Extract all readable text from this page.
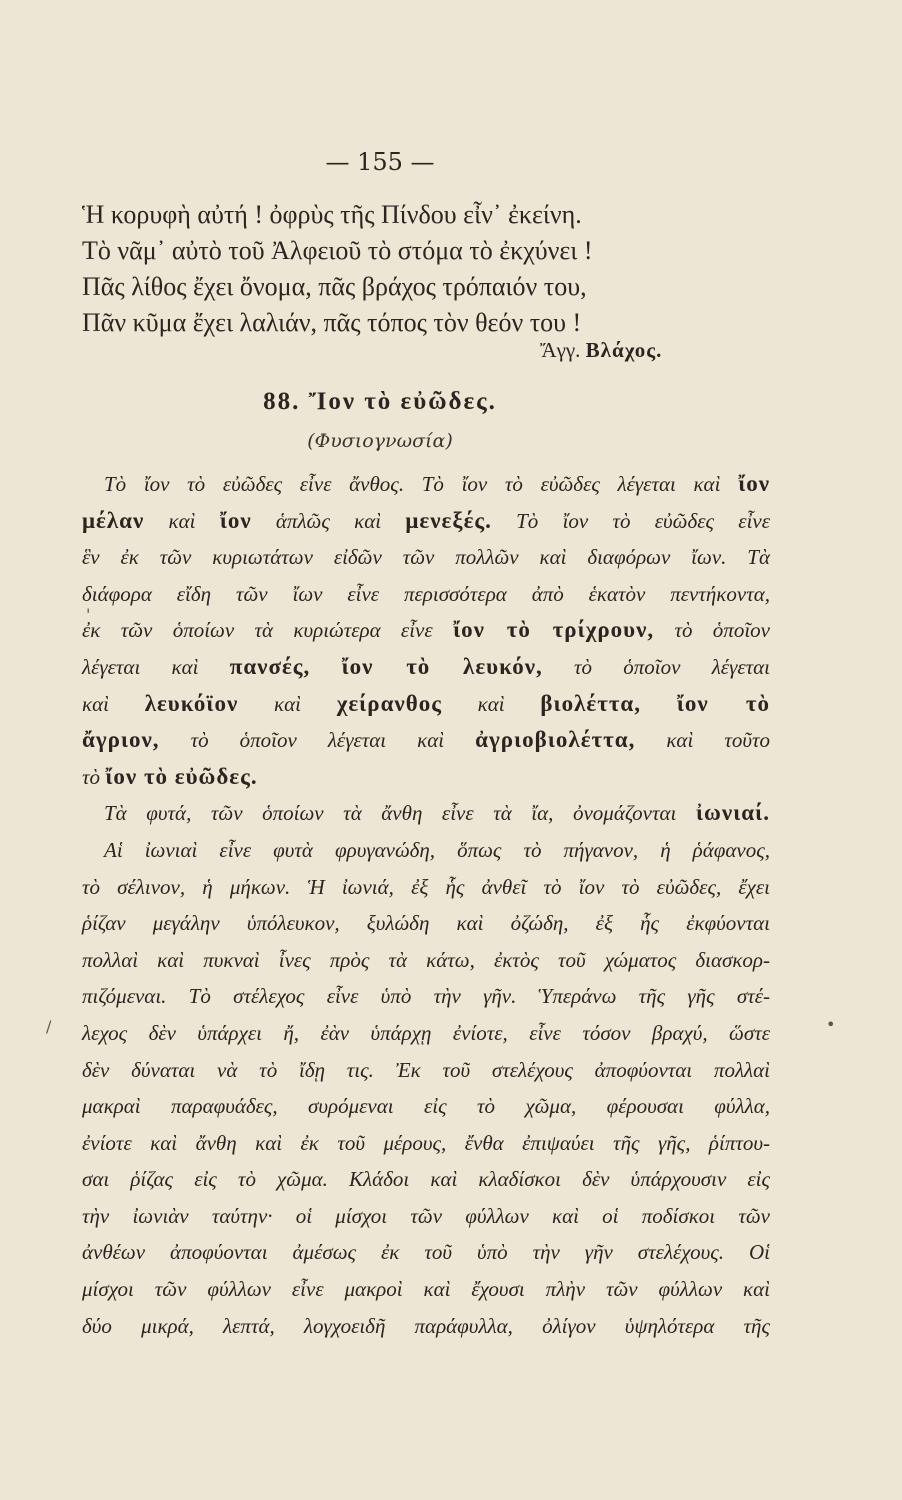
— 155 —
Ἡ κορυφὴ αὐτή ! ὀφρὺς τῆς Πίνδου εἶν᾽ ἐκείνη.
Τὸ νᾶμ᾽ αὐτὸ τοῦ Ἀλφειοῦ τὸ στόμα τὸ ἐκχύνει !
Πᾶς λίθος ἔχει ὄνομα, πᾶς βράχος τρόπαιόν του,
Πᾶν κῦμα ἔχει λαλιάν, πᾶς τόπος τὸν θεόν του !
Ἄγγ. Βλάχος.
88. Ἴον τὸ εὐῶδες.
(Φυσιογνωσία)
Τὸ ἴον τὸ εὐῶδες εἶνε ἄνθος. Τὸ ἴον τὸ εὐῶδες λέγεται καὶ ἴον
μέλαν καὶ ἴον ἁπλῶς καὶ μενεξές. Τὸ ἴον τὸ εὐῶδες εἶνε
ἓν ἐκ τῶν κυριωτάτων εἰδῶν τῶν πολλῶν καὶ διαφόρων ἴων. Τὰ
διάφορα εἴδη τῶν ἴων εἶνε περισσότερα ἀπὸ ἑκατὸν πεντήκοντα,
ἐκ τῶν ὁποίων τὰ κυριώτερα εἶνε ἴον τὸ τρίχρουν, τὸ ὁποῖον
λέγεται καὶ πανσές, ἴον τὸ λευκόν, τὸ ὁποῖον λέγεται
καὶ λευκόϊον καὶ χείρανθος καὶ βιολέττα, ἴον τὸ
ἄγριον, τὸ ὁποῖον λέγεται καὶ ἀγριοβιολέττα, καὶ τοῦτο
τὸ ἴον τὸ εὐῶδες.
Τὰ φυτά, τῶν ὁποίων τὰ ἄνθη εἶνε τὰ ἴα, ὀνομάζονται ἰωνιαί.
Αἱ ἰωνιαὶ εἶνε φυτὰ φρυγανώδη, ὅπως τὸ πήγανον, ἡ ῥάφανος,
τὸ σέλινον, ἡ μήκων. Ἡ ἰωνιά, ἐξ ἧς ἀνθεῖ τὸ ἴον τὸ εὐῶδες, ἔχει
ῥίζαν μεγάλην ὑπόλευκον, ξυλώδη καὶ ὀζώδη, ἐξ ἧς ἐκφύονται
πολλαὶ καὶ πυκναὶ ἶνες πρὸς τὰ κάτω, ἐκτὸς τοῦ χώματος διασκορ-
πιζόμεναι. Τὸ στέλεχος εἶνε ὑπὸ τὴν γῆν. Ὑπεράνω τῆς γῆς στέ-
λεχος δὲν ὑπάρχει ἤ, ἐὰν ὑπάρχῃ ἐνίοτε, εἶνε τόσον βραχύ, ὥστε
δὲν δύναται νὰ τὸ ἴδῃ τις. Ἐκ τοῦ στελέχους ἀποφύονται πολλαὶ
μακραὶ παραφυάδες, συρόμεναι εἰς τὸ χῶμα, φέρουσαι φύλλα,
ἐνίοτε καὶ ἄνθη καὶ ἐκ τοῦ μέρους, ἔνθα ἐπιψαύει τῆς γῆς, ῥίπτου-
σαι ῥίζας εἰς τὸ χῶμα. Κλάδοι καὶ κλαδίσκοι δὲν ὑπάρχουσιν εἰς
τὴν ἰωνιὰν ταύτην· οἱ μίσχοι τῶν φύλλων καὶ οἱ ποδίσκοι τῶν
ἀνθέων ἀποφύονται ἀμέσως ἐκ τοῦ ὑπὸ τὴν γῆν στελέχους. Οἱ
μίσχοι τῶν φύλλων εἶνε μακροὶ καὶ ἔχουσι πλὴν τῶν φύλλων καὶ
δύο μικρά, λεπτά, λογχοειδῆ παράφυλλα, ὀλίγον ὑψηλότερα τῆς
'
/	•
